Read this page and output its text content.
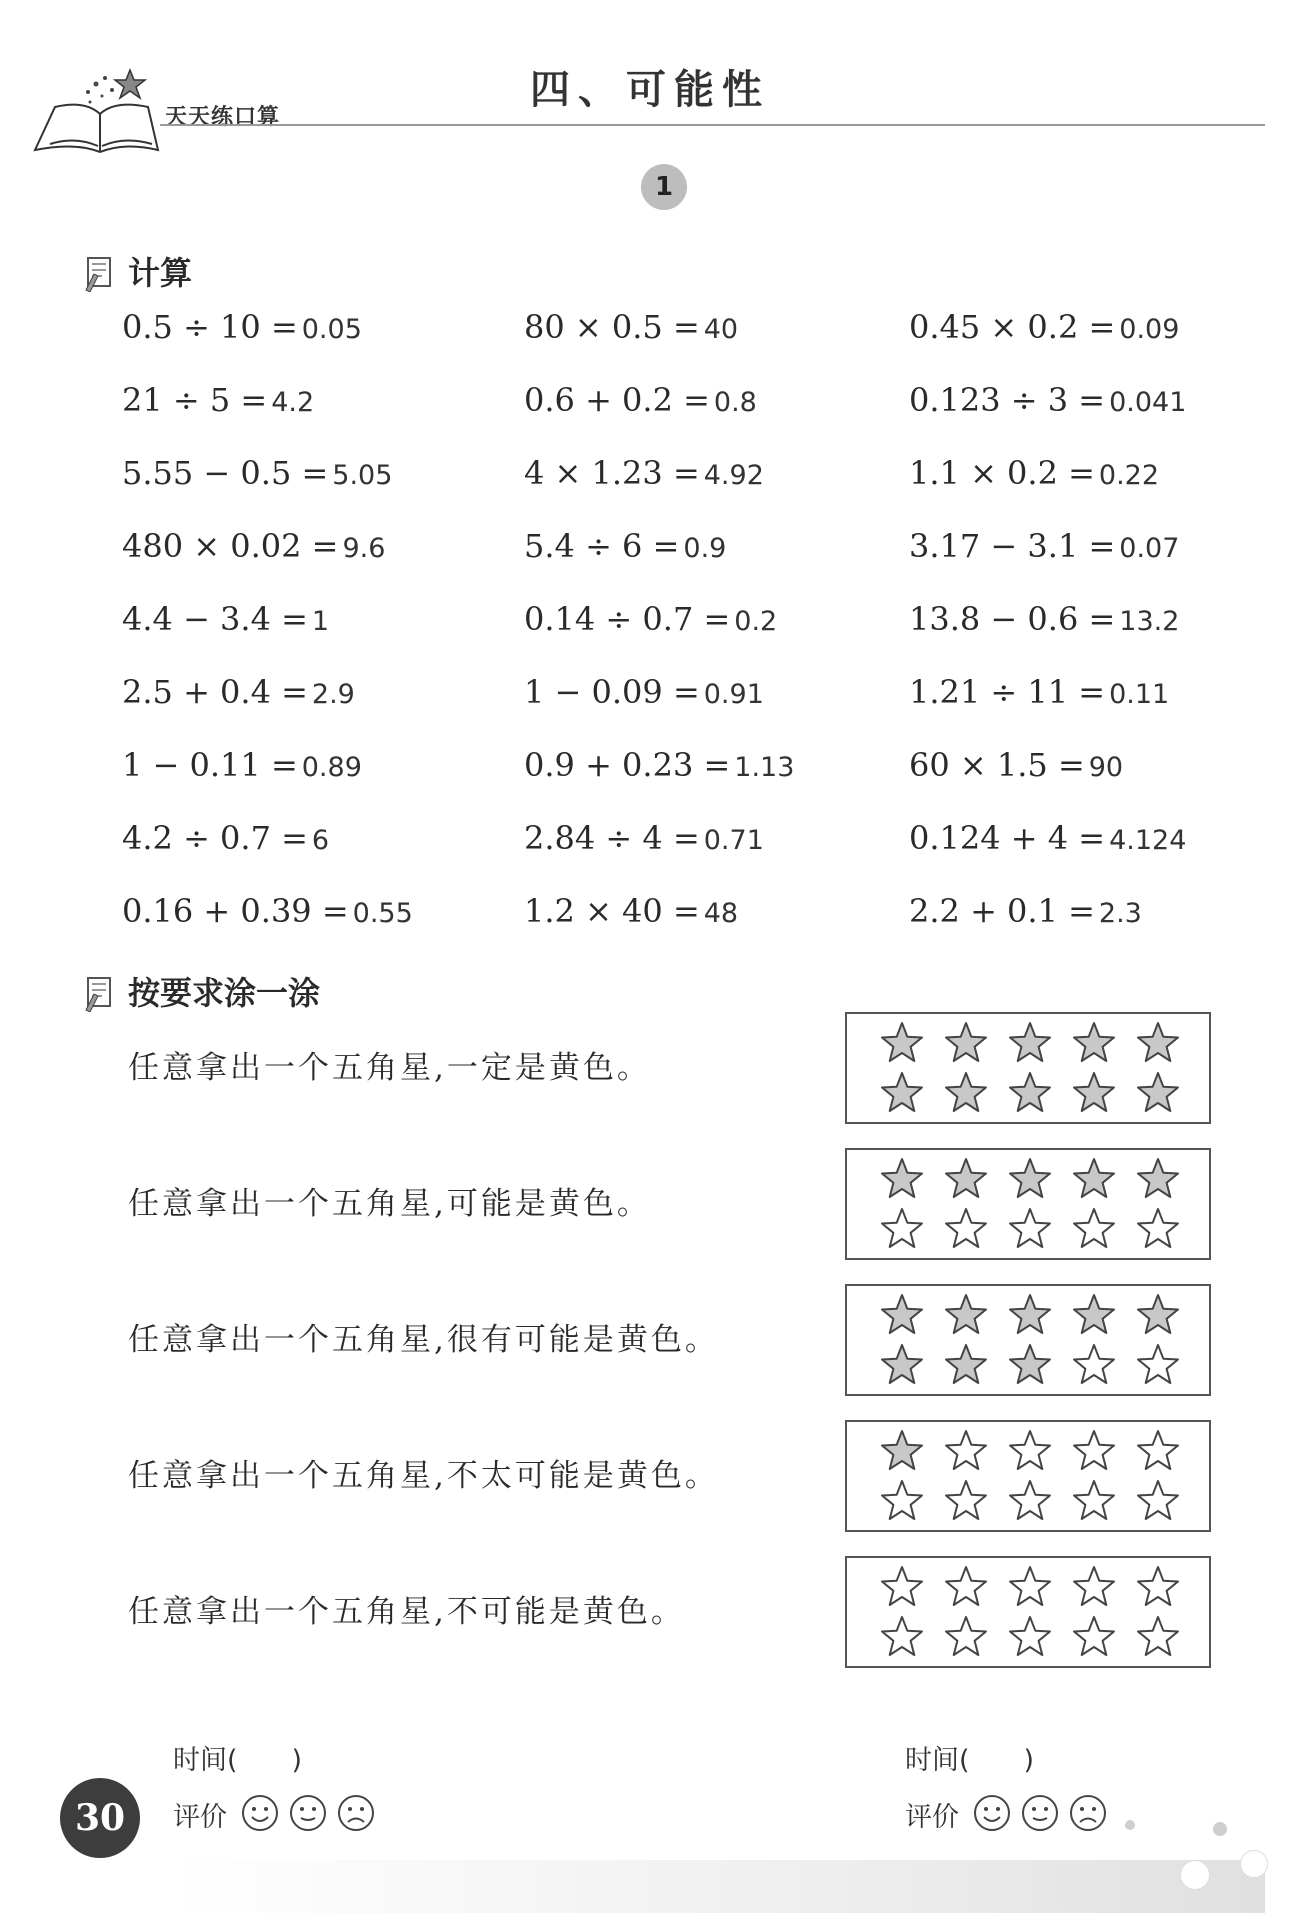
天天练口算
四、可能性
1
计算
0.5 ÷ 10 = 0.05	80 × 0.5 = 40	0.45 × 0.2 = 0.09
21 ÷ 5 = 4.2	0.6 + 0.2 = 0.8	0.123 ÷ 3 = 0.041
5.55 − 0.5 = 5.05	4 × 1.23 = 4.92	1.1 × 0.2 = 0.22
480 × 0.02 = 9.6	5.4 ÷ 6 = 0.9	3.17 − 3.1 = 0.07
4.4 − 3.4 = 1	0.14 ÷ 0.7 = 0.2	13.8 − 0.6 = 13.2
2.5 + 0.4 = 2.9	1 − 0.09 = 0.91	1.21 ÷ 11 = 0.11
1 − 0.11 = 0.89	0.9 + 0.23 = 1.13	60 × 1.5 = 90
4.2 ÷ 0.7 = 6	2.84 ÷ 4 = 0.71	0.124 + 4 = 4.124
0.16 + 0.39 = 0.55	1.2 × 40 = 48	2.2 + 0.1 = 2.3
按要求涂一涂
任意拿出一个五角星,一定是黄色。
任意拿出一个五角星,可能是黄色。
任意拿出一个五角星,很有可能是黄色。
任意拿出一个五角星,不太可能是黄色。
任意拿出一个五角星,不可能是黄色。
时间(　　)
评价
时间(　　)
评价
30
